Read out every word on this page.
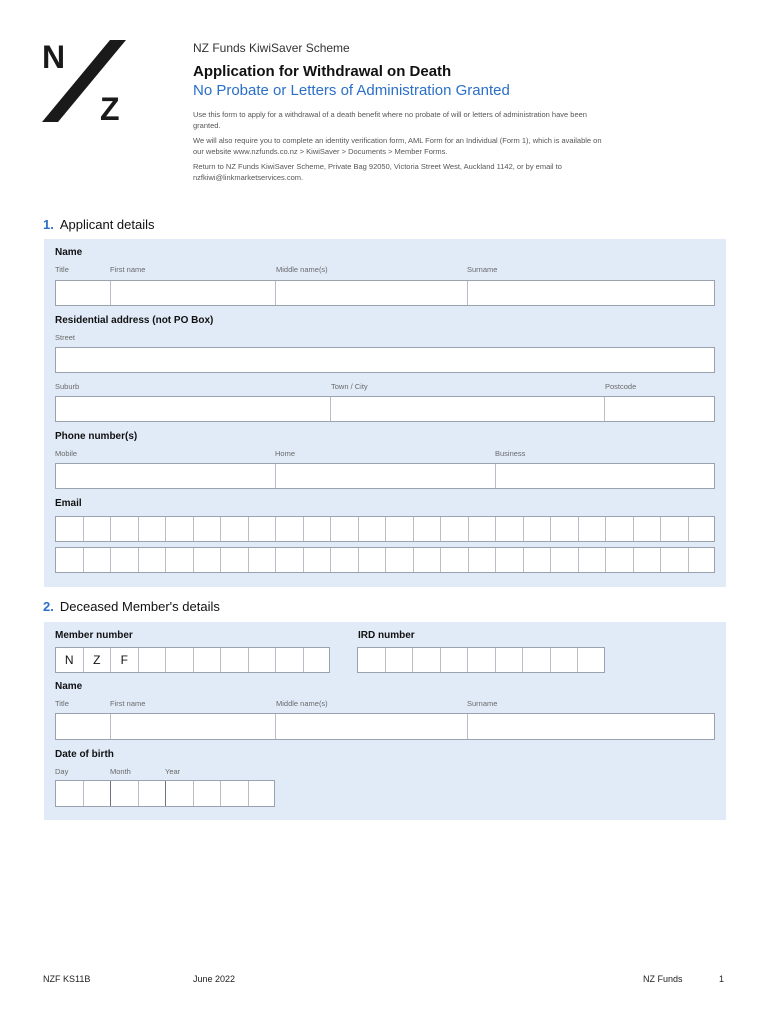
N
Z
NZ Funds KiwiSaver Scheme
Application for Withdrawal on Death
No Probate or Letters of Administration Granted
Use this form to apply for a withdrawal of a death benefit where no probate of will or letters of administration have been granted.
We will also require you to complete an identity verification form, AML Form for an Individual (Form 1), which is available on our website www.nzfunds.co.nz > KiwiSaver > Documents > Member Forms.
Return to NZ Funds KiwiSaver Scheme, Private Bag 92050, Victoria Street West, Auckland 1142, or by email to nzfkiwi@linkmarketservices.com.
1. Applicant details
Name
Title	First name	Middle name(s)	Surname
Residential address (not PO Box)
Street
Suburb	Town / City	Postcode
Phone number(s)
Mobile	Home	Business
Email
2. Deceased Member's details
Member number	IRD number
N	Z	F
Name
Title	First name	Middle name(s)	Surname
Date of birth
Day	Month	Year
NZF KS11B	June 2022	NZ Funds	1
